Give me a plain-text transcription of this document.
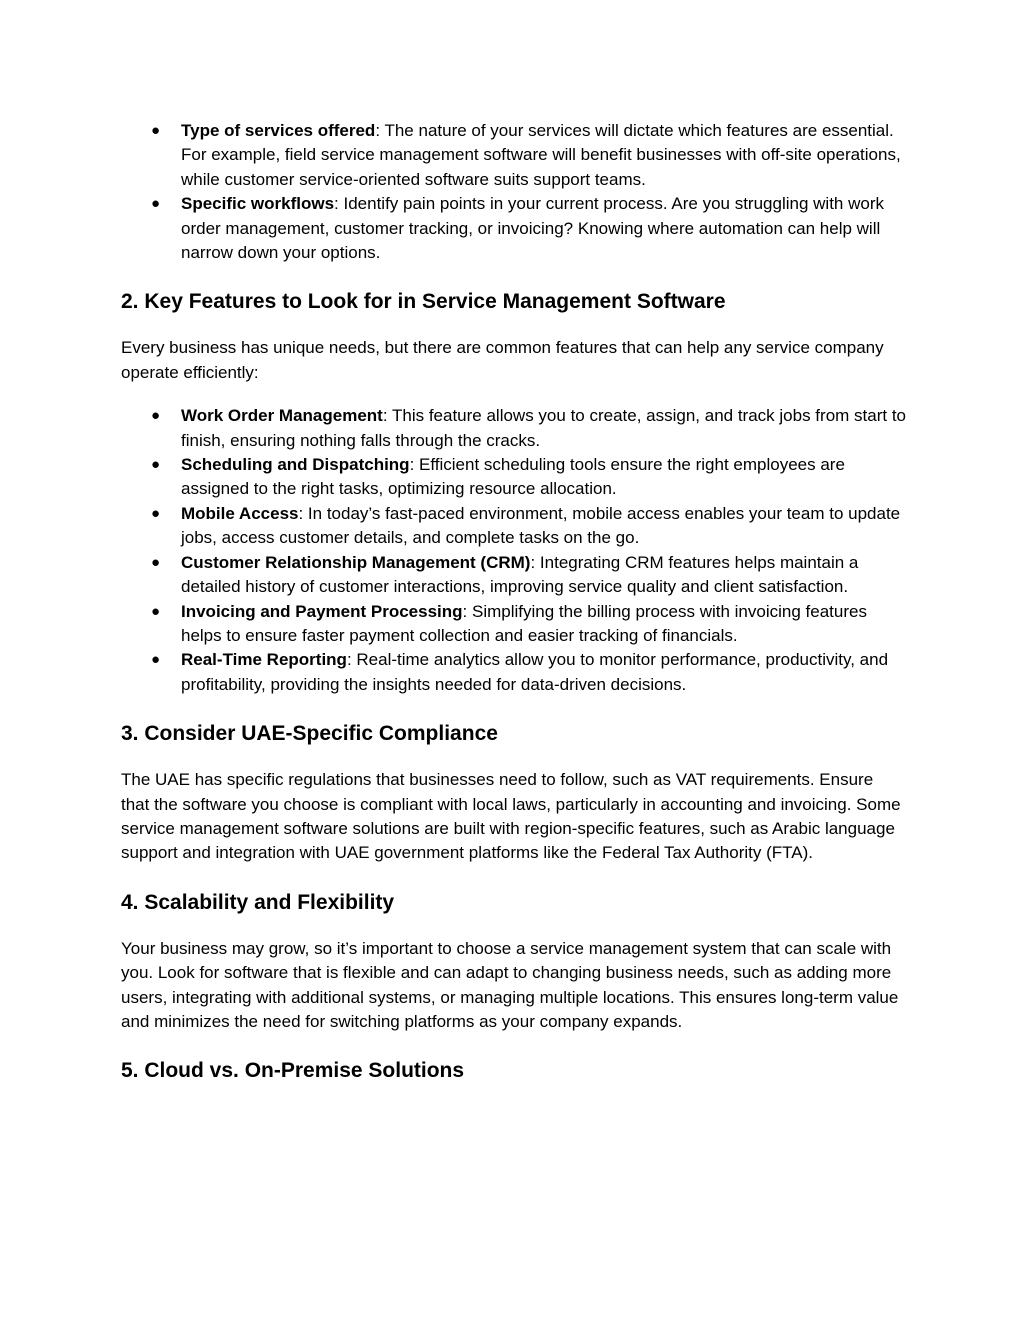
● Type of services offered: The nature of your services will dictate which features are essential. For example, field service management software will benefit businesses with off-site operations, while customer service-oriented software suits support teams.
● Specific workflows: Identify pain points in your current process. Are you struggling with work order management, customer tracking, or invoicing? Knowing where automation can help will narrow down your options.
2. Key Features to Look for in Service Management Software

Every business has unique needs, but there are common features that can help any service company operate efficiently:

● Work Order Management: This feature allows you to create, assign, and track jobs from start to finish, ensuring nothing falls through the cracks.
● Scheduling and Dispatching: Efficient scheduling tools ensure the right employees are assigned to the right tasks, optimizing resource allocation.
● Mobile Access: In today’s fast-paced environment, mobile access enables your team to update jobs, access customer details, and complete tasks on the go.
● Customer Relationship Management (CRM): Integrating CRM features helps maintain a detailed history of customer interactions, improving service quality and client satisfaction.
● Invoicing and Payment Processing: Simplifying the billing process with invoicing features helps to ensure faster payment collection and easier tracking of financials.
● Real-Time Reporting: Real-time analytics allow you to monitor performance, productivity, and profitability, providing the insights needed for data-driven decisions.
3. Consider UAE-Specific Compliance

The UAE has specific regulations that businesses need to follow, such as VAT requirements. Ensure that the software you choose is compliant with local laws, particularly in accounting and invoicing. Some service management software solutions are built with region-specific features, such as Arabic language support and integration with UAE government platforms like the Federal Tax Authority (FTA).

4. Scalability and Flexibility

Your business may grow, so it’s important to choose a service management system that can scale with you. Look for software that is flexible and can adapt to changing business needs, such as adding more users, integrating with additional systems, or managing multiple locations. This ensures long-term value and minimizes the need for switching platforms as your company expands.

5. Cloud vs. On-Premise Solutions
